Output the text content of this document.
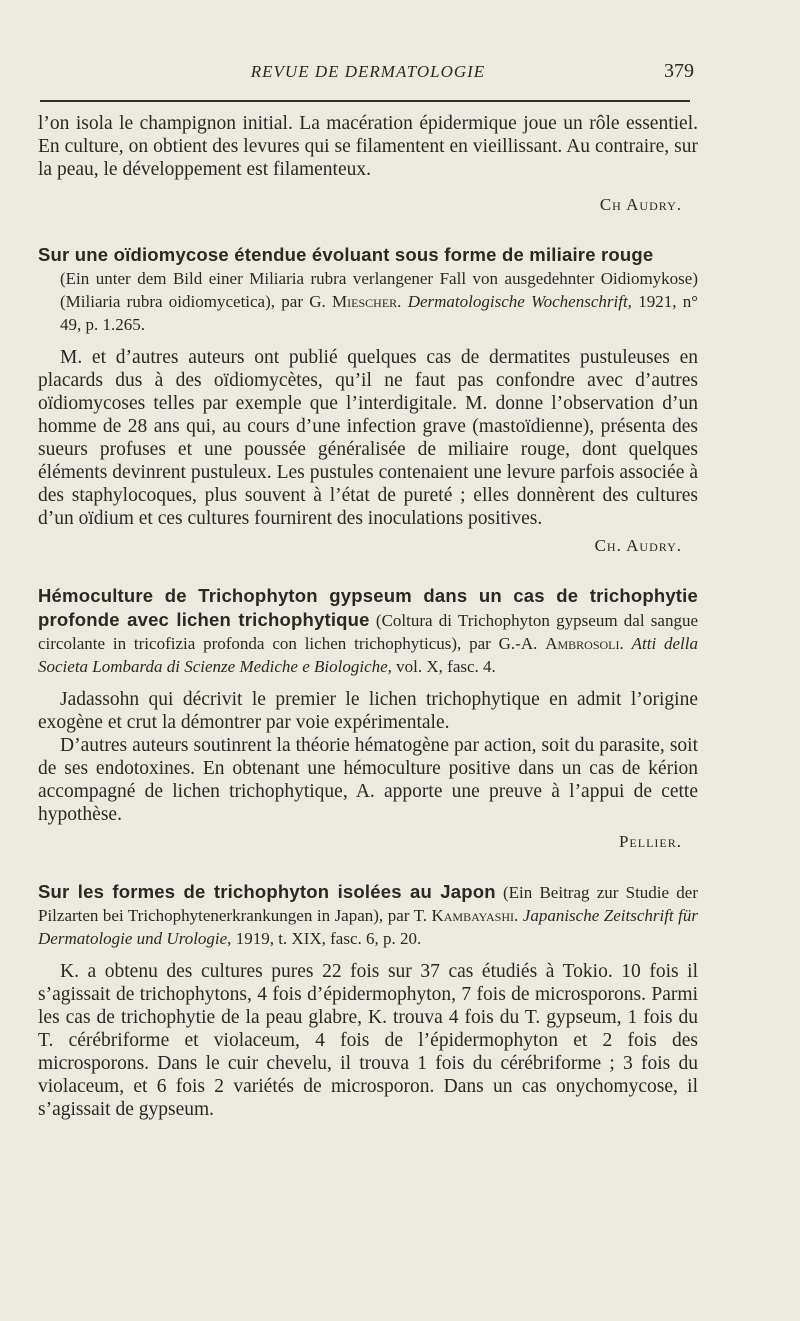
REVUE DE DERMATOLOGIE	379

l’on isola le champignon initial. La macération épidermique joue un rôle essentiel. En culture, on obtient des levures qui se filamentent en vieillissant. Au contraire, sur la peau, le développement est filamenteux.

Ch Audry.

Sur une oïdiomycose étendue évoluant sous forme de miliaire rouge
(Ein unter dem Bild einer Miliaria rubra verlangener Fall von ausgedehnter Oidiomykose) (Miliaria rubra oidiomycetica), par G. Miescher. Dermatologische Wochenschrift, 1921, n° 49, p. 1.265.

M. et d’autres auteurs ont publié quelques cas de dermatites pustuleuses en placards dus à des oïdiomycètes, qu’il ne faut pas confondre avec d’autres oïdiomycoses telles par exemple que l’interdigitale. M. donne l’observation d’un homme de 28 ans qui, au cours d’une infection grave (mastoïdienne), présenta des sueurs profuses et une poussée généralisée de miliaire rouge, dont quelques éléments devinrent pustuleux. Les pustules contenaient une levure parfois associée à des staphylocoques, plus souvent à l’état de pureté ; elles donnèrent des cultures d’un oïdium et ces cultures fournirent des inoculations positives.

Ch. Audry.

Hémoculture de Trichophyton gypseum dans un cas de trichophytie profonde avec lichen trichophytique (Coltura di Trichophyton gypseum dal sangue circolante in tricofizia profonda con lichen trichophyticus), par G.-A. Ambrosoli. Atti della Societa Lombarda di Scienze Mediche e Biologiche, vol. X, fasc. 4.

Jadassohn qui décrivit le premier le lichen trichophytique en admit l’origine exogène et crut la démontrer par voie expérimentale.

D’autres auteurs soutinrent la théorie hématogène par action, soit du parasite, soit de ses endotoxines. En obtenant une hémoculture positive dans un cas de kérion accompagné de lichen trichophytique, A. apporte une preuve à l’appui de cette hypothèse.

Pellier.

Sur les formes de trichophyton isolées au Japon (Ein Beitrag zur Studie der Pilzarten bei Trichophytenerkrankungen in Japan), par T. Kambayashi. Japanische Zeitschrift für Dermatologie und Urologie, 1919, t. XIX, fasc. 6, p. 20.

K. a obtenu des cultures pures 22 fois sur 37 cas étudiés à Tokio. 10 fois il s’agissait de trichophytons, 4 fois d’épidermophyton, 7 fois de microsporons. Parmi les cas de trichophytie de la peau glabre, K. trouva 4 fois du T. gypseum, 1 fois du T. cérébriforme et violaceum, 4 fois de l’épidermophyton et 2 fois des microsporons. Dans le cuir chevelu, il trouva 1 fois du cérébriforme ; 3 fois du violaceum, et 6 fois 2 variétés de microsporon. Dans un cas onychomycose, il s’agissait de gypseum.
